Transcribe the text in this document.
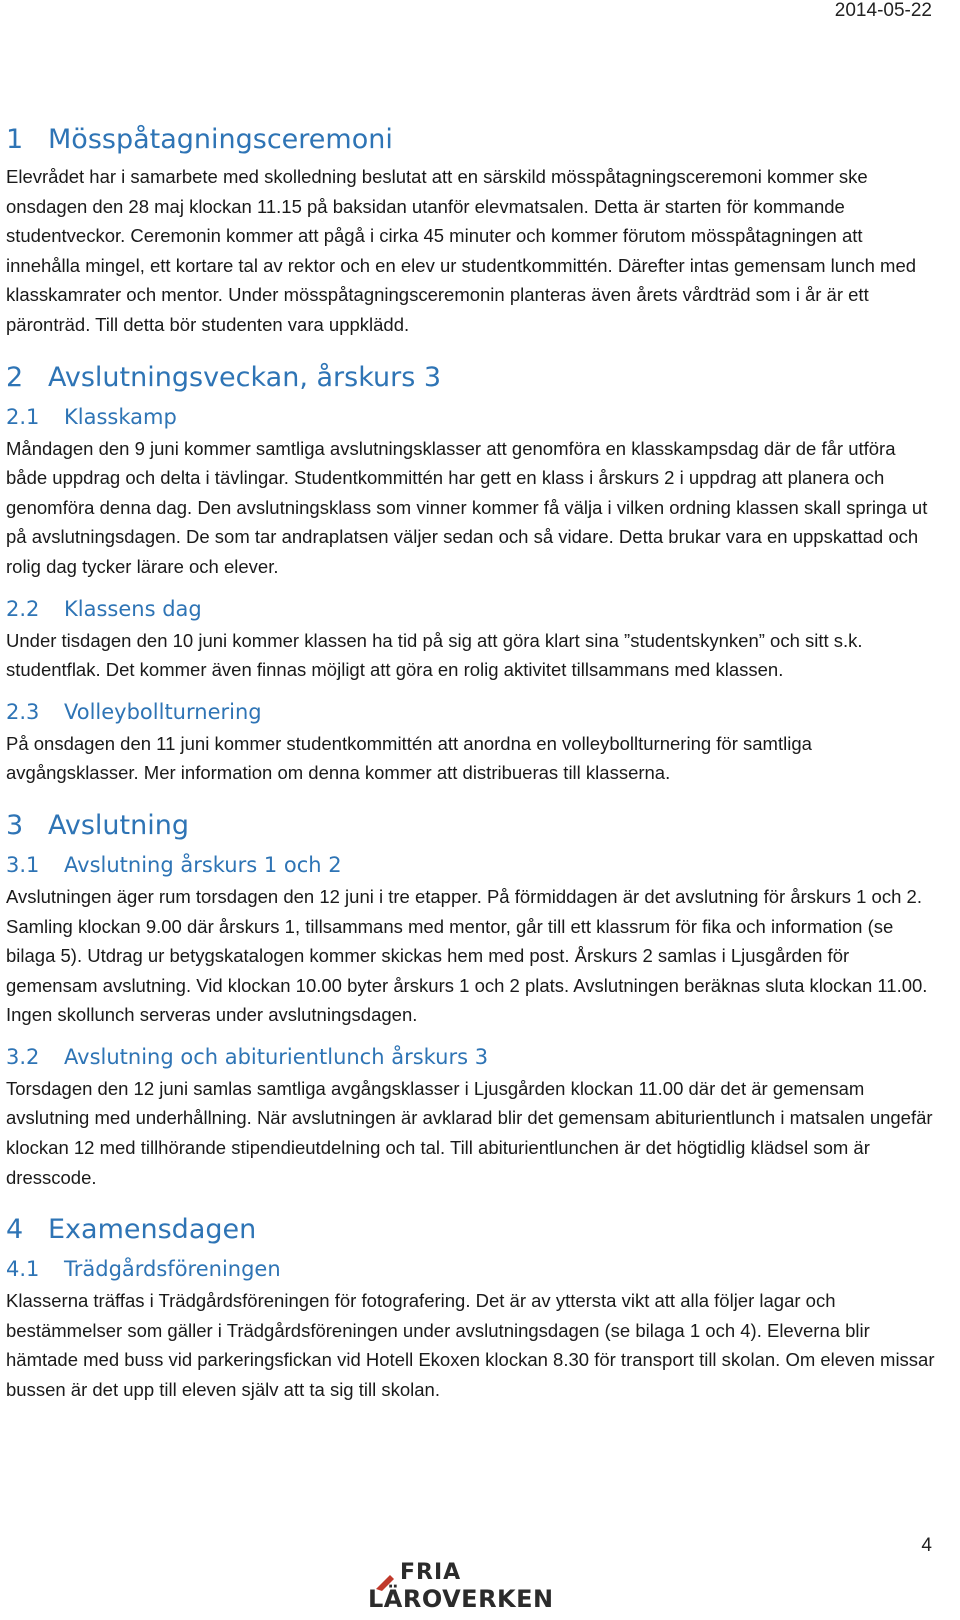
2014-05-22
1 Mösspåtagningsceremoni

Elevrådet har i samarbete med skolledning beslutat att en särskild mösspåtagningsceremoni kommer ske onsdagen den 28 maj klockan 11.15 på baksidan utanför elevmatsalen. Detta är starten för kommande studentveckor. Ceremonin kommer att pågå i cirka 45 minuter och kommer förutom mösspåtagningen att innehålla mingel, ett kortare tal av rektor och en elev ur studentkommittén. Därefter intas gemensam lunch med klasskamrater och mentor. Under mösspåtagningsceremonin planteras även årets vårdträd som i år är ett päronträd. Till detta bör studenten vara uppklädd.

2 Avslutningsveckan, årskurs 3
2.1 Klasskamp

Måndagen den 9 juni kommer samtliga avslutningsklasser att genomföra en klasskampsdag där de får utföra både uppdrag och delta i tävlingar. Studentkommittén har gett en klass i årskurs 2 i uppdrag att planera och genomföra denna dag. Den avslutningsklass som vinner kommer få välja i vilken ordning klassen skall springa ut på avslutningsdagen. De som tar andraplatsen väljer sedan och så vidare. Detta brukar vara en uppskattad och rolig dag tycker lärare och elever.

2.2 Klassens dag

Under tisdagen den 10 juni kommer klassen ha tid på sig att göra klart sina ”studentskynken” och sitt s.k. studentflak. Det kommer även finnas möjligt att göra en rolig aktivitet tillsammans med klassen.

2.3 Volleybollturnering

På onsdagen den 11 juni kommer studentkommittén att anordna en volleybollturnering för samtliga avgångsklasser. Mer information om denna kommer att distribueras till klasserna.

3 Avslutning
3.1 Avslutning årskurs 1 och 2

Avslutningen äger rum torsdagen den 12 juni i tre etapper. På förmiddagen är det avslutning för årskurs 1 och 2. Samling klockan 9.00 där årskurs 1, tillsammans med mentor, går till ett klassrum för fika och information (se bilaga 5). Utdrag ur betygskatalogen kommer skickas hem med post. Årskurs 2 samlas i Ljusgården för gemensam avslutning. Vid klockan 10.00 byter årskurs 1 och 2 plats. Avslutningen beräknas sluta klockan 11.00. Ingen skollunch serveras under avslutningsdagen.

3.2 Avslutning och abiturientlunch årskurs 3

Torsdagen den 12 juni samlas samtliga avgångsklasser i Ljusgården klockan 11.00 där det är gemensam avslutning med underhållning. När avslutningen är avklarad blir det gemensam abiturientlunch i matsalen ungefär klockan 12 med tillhörande stipendieutdelning och tal. Till abiturientlunchen är det högtidlig klädsel som är dresscode.

4 Examensdagen
4.1 Trädgårdsföreningen

Klasserna träffas i Trädgårdsföreningen för fotografering. Det är av yttersta vikt att alla följer lagar och bestämmelser som gäller i Trädgårdsföreningen under avslutningsdagen (se bilaga 1 och 4). Eleverna blir hämtade med buss vid parkeringsfickan vid Hotell Ekoxen klockan 8.30 för transport till skolan. Om eleven missar bussen är det upp till eleven själv att ta sig till skolan.

4
FRIA
LÄROVERKEN
